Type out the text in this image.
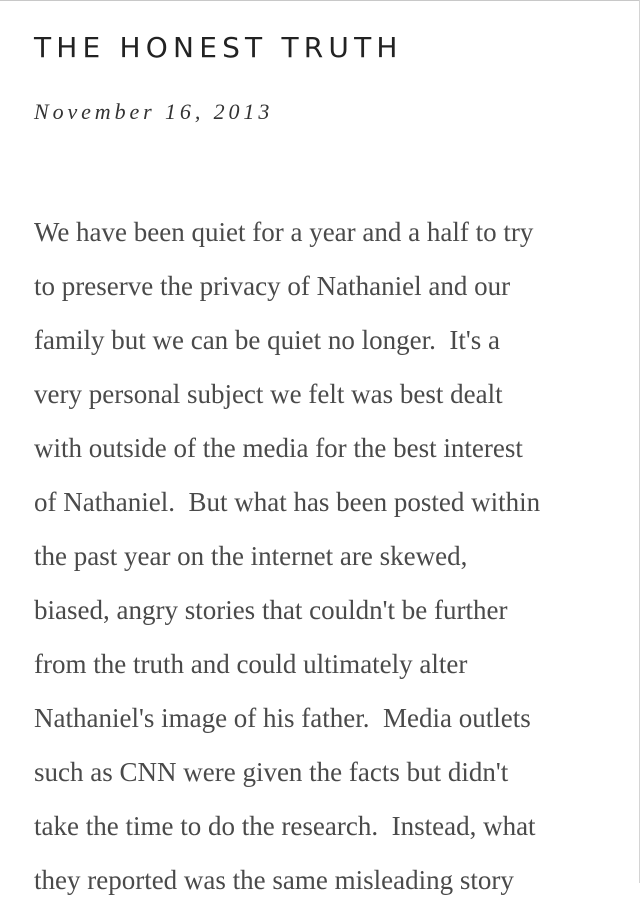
THE HONEST TRUTH

November 16, 2013

We have been quiet for a year and a half to try
to preserve the privacy of Nathaniel and our
family but we can be quiet no longer.  It's a
very personal subject we felt was best dealt
with outside of the media for the best interest
of Nathaniel.  But what has been posted within
the past year on the internet are skewed,
biased, angry stories that couldn't be further
from the truth and could ultimately alter
Nathaniel's image of his father.  Media outlets
such as CNN were given the facts but didn't
take the time to do the research.  Instead, what
they reported was the same misleading story
